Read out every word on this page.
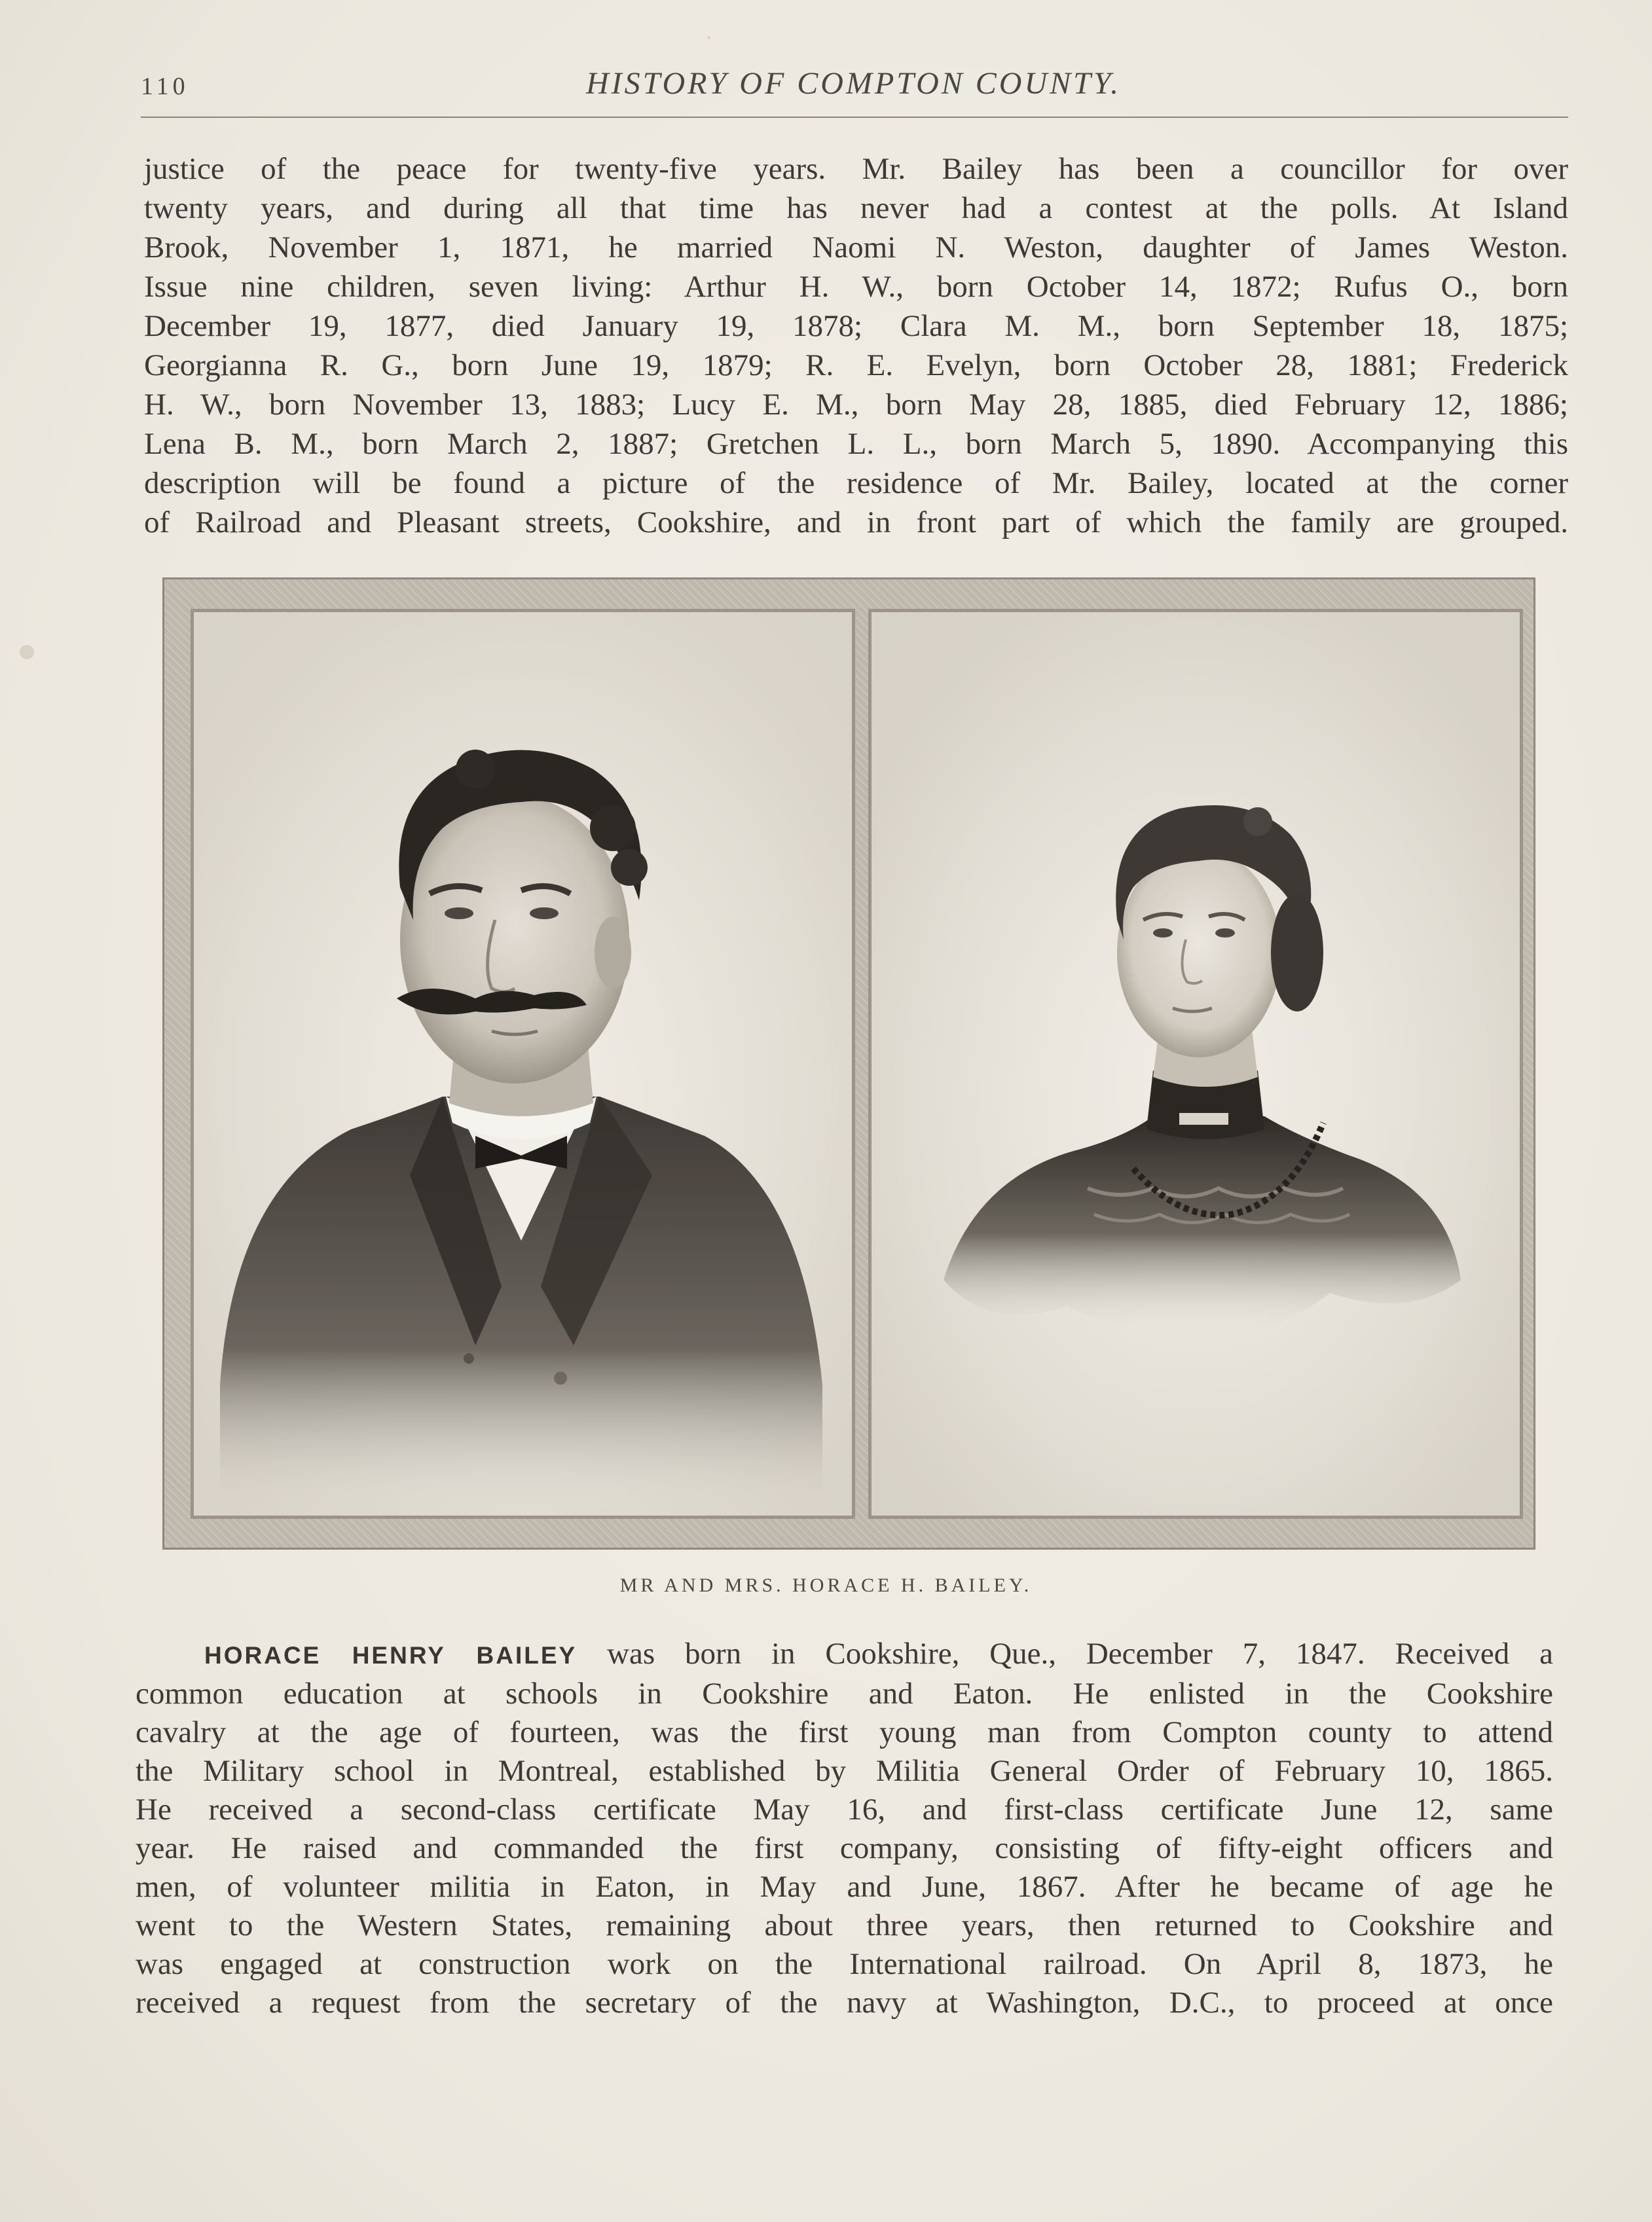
110	HISTORY OF COMPTON COUNTY.
justice of the peace for twenty-five years. Mr. Bailey has been a councillor for over
twenty years, and during all that time has never had a contest at the polls. At Island
Brook, November 1, 1871, he married Naomi N. Weston, daughter of James Weston.
Issue nine children, seven living: Arthur H. W., born October 14, 1872; Rufus O., born
December 19, 1877, died January 19, 1878; Clara M. M., born September 18, 1875;
Georgianna R. G., born June 19, 1879; R. E. Evelyn, born October 28, 1881; Frederick
H. W., born November 13, 1883; Lucy E. M., born May 28, 1885, died February 12, 1886;
Lena B. M., born March 2, 1887; Gretchen L. L., born March 5, 1890. Accompanying this
description will be found a picture of the residence of Mr. Bailey, located at the corner
of Railroad and Pleasant streets, Cookshire, and in front part of which the family are grouped.
MR AND MRS. HORACE H. BAILEY.
HORACE HENRY BAILEY was born in Cookshire, Que., December 7, 1847. Received a
common education at schools in Cookshire and Eaton. He enlisted in the Cookshire
cavalry at the age of fourteen, was the first young man from Compton county to attend
the Military school in Montreal, established by Militia General Order of February 10, 1865.
He received a second-class certificate May 16, and first-class certificate June 12, same
year. He raised and commanded the first company, consisting of fifty-eight officers and
men, of volunteer militia in Eaton, in May and June, 1867. After he became of age he
went to the Western States, remaining about three years, then returned to Cookshire and
was engaged at construction work on the International railroad. On April 8, 1873, he
received a request from the secretary of the navy at Washington, D.C., to proceed at once
